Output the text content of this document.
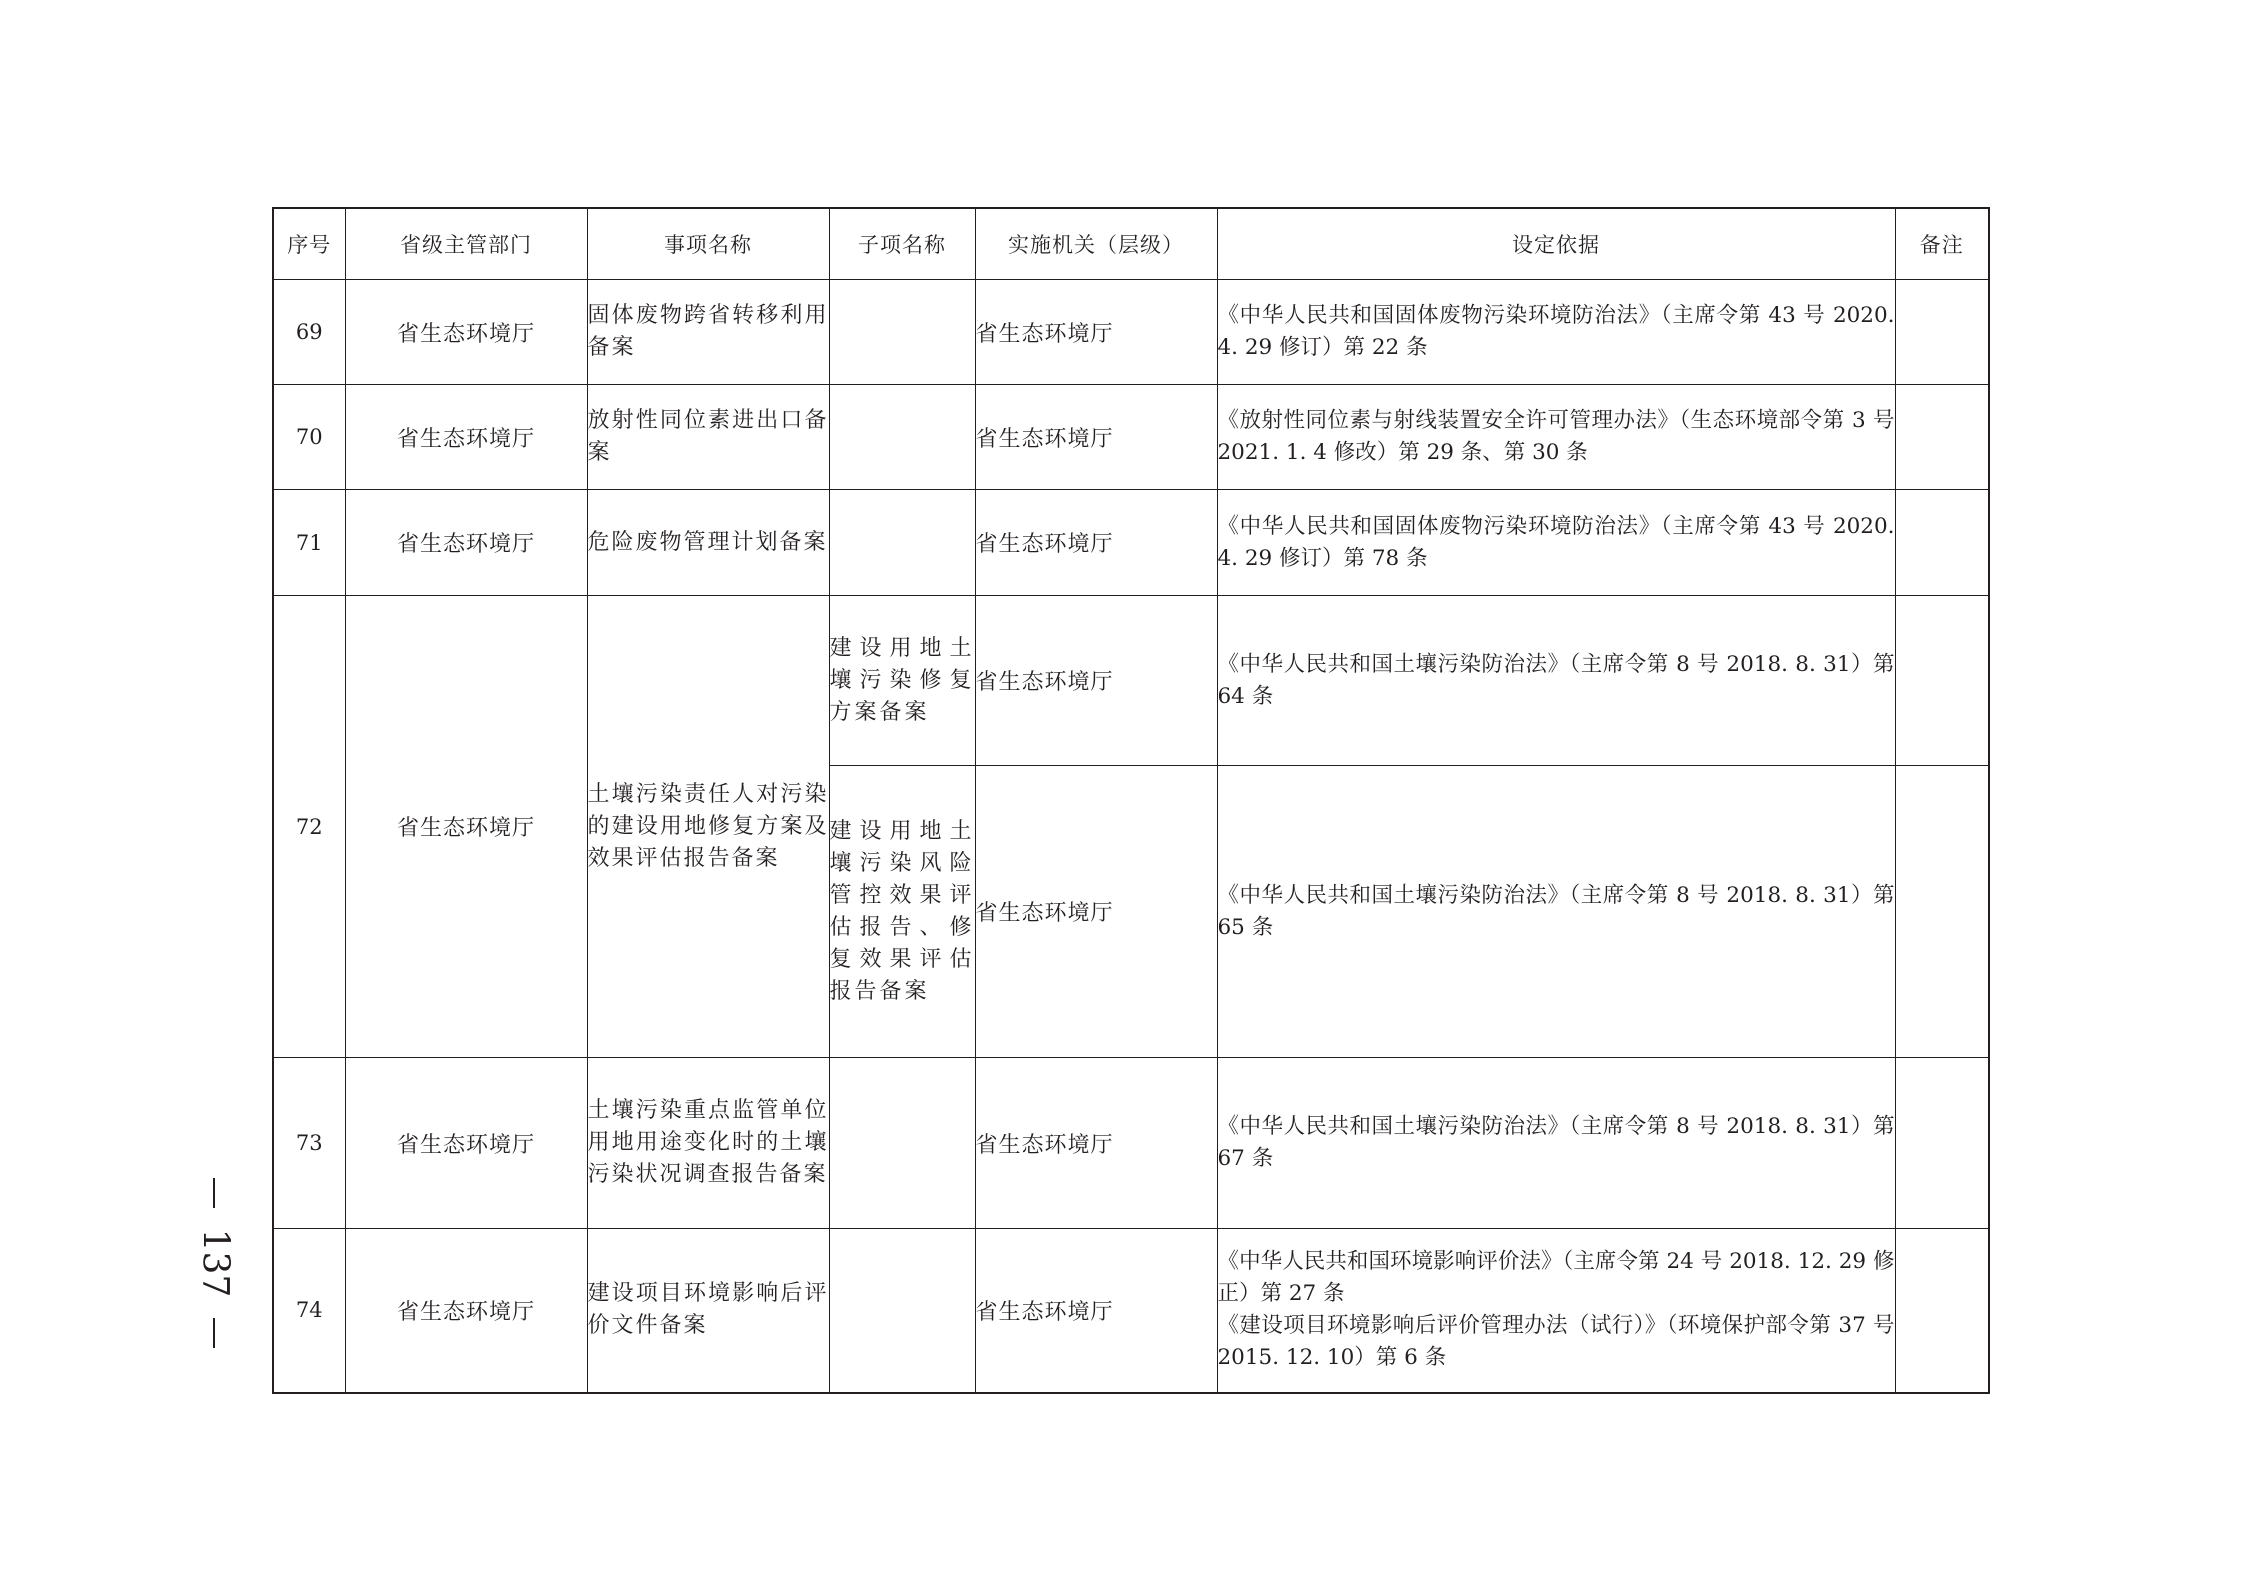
序号	省级主管部门	事项名称	子项名称	实施机关（层级）	设定依据	备注
69	省生态环境厅	固体废物跨省转移利用备案		省生态环境厅	《中华人民共和国固体废物污染环境防治法》（主席令第 43 号 2020. 4. 29 修订）第 22 条	

70	省生态环境厅	放射性同位素进出口备案		省生态环境厅	《放射性同位素与射线装置安全许可管理办法》（生态环境部令第 3 号 2021. 1. 4 修改）第 29 条、第 30 条	

71	省生态环境厅	危险废物管理计划备案		省生态环境厅	《中华人民共和国固体废物污染环境防治法》（主席令第 43 号 2020. 4. 29 修订）第 78 条	

72	省生态环境厅	土壤污染责任人对污染的建设用地修复方案及效果评估报告备案	建设用地土壤污染修复方案备案	省生态环境厅	《中华人民共和国土壤污染防治法》（主席令第 8 号 2018. 8. 31）第 64 条	

			建设用地土壤污染风险管控效果评估报告、修复效果评估报告备案	省生态环境厅	《中华人民共和国土壤污染防治法》（主席令第 8 号 2018. 8. 31）第 65 条	

73	省生态环境厅	土壤污染重点监管单位用地用途变化时的土壤污染状况调查报告备案		省生态环境厅	《中华人民共和国土壤污染防治法》（主席令第 8 号 2018. 8. 31）第 67 条	

74	省生态环境厅	建设项目环境影响后评价文件备案		省生态环境厅	《中华人民共和国环境影响评价法》（主席令第 24 号 2018. 12. 29 修正）第 27 条
《建设项目环境影响后评价管理办法（试行）》（环境保护部令第 37 号 2015. 12. 10）第 6 条	

137
